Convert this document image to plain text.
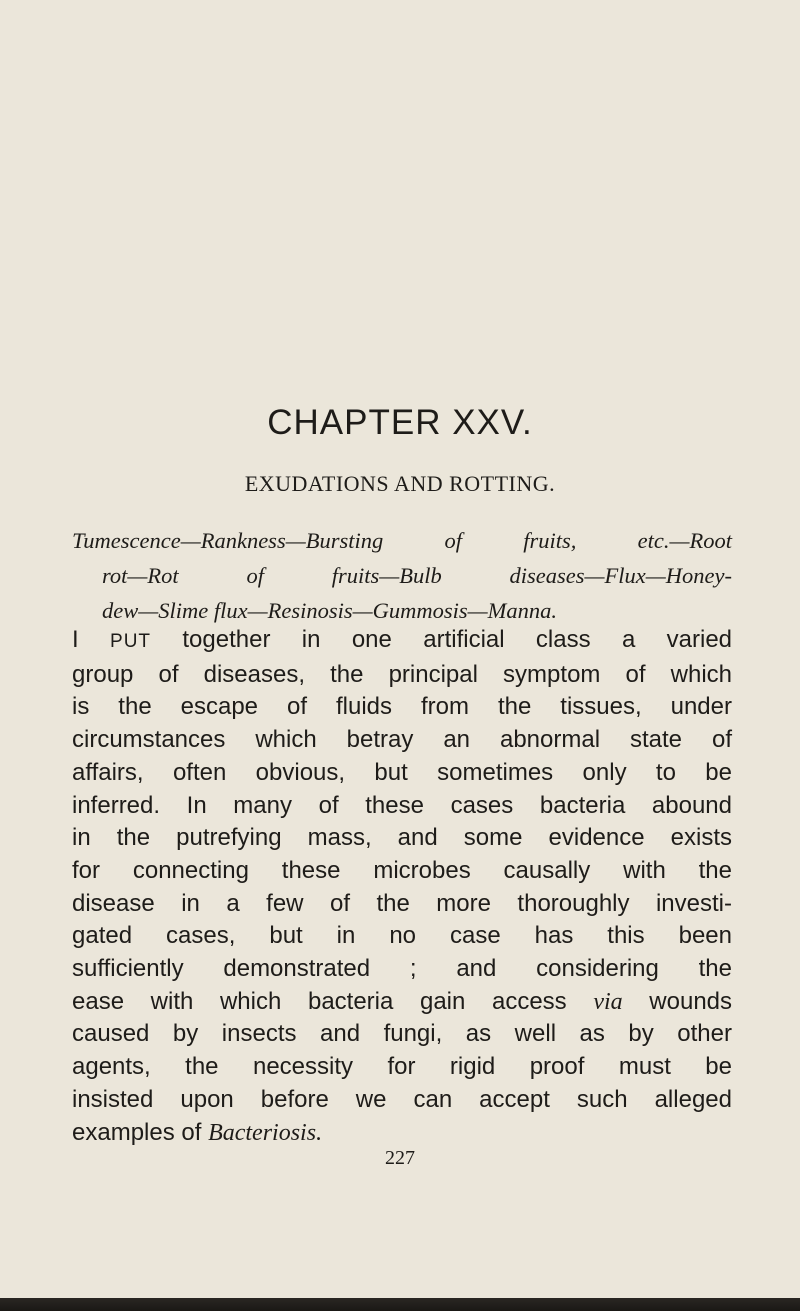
CHAPTER XXV.
EXUDATIONS AND ROTTING.

Tumescence—Rankness—Bursting of fruits, etc.—Root
rot—Rot of fruits—Bulb diseases—Flux—Honey-
dew—Slime flux—Resinosis—Gummosis—Manna.

I PUT together in one artificial class a varied
group of diseases, the principal symptom of which
is the escape of fluids from the tissues, under
circumstances which betray an abnormal state of
affairs, often obvious, but sometimes only to be
inferred. In many of these cases bacteria abound
in the putrefying mass, and some evidence exists
for connecting these microbes causally with the
disease in a few of the more thoroughly investi-
gated cases, but in no case has this been
sufficiently demonstrated ; and considering the
ease with which bacteria gain access via wounds
caused by insects and fungi, as well as by other
agents, the necessity for rigid proof must be
insisted upon before we can accept such alleged
examples of Bacteriosis.

227
